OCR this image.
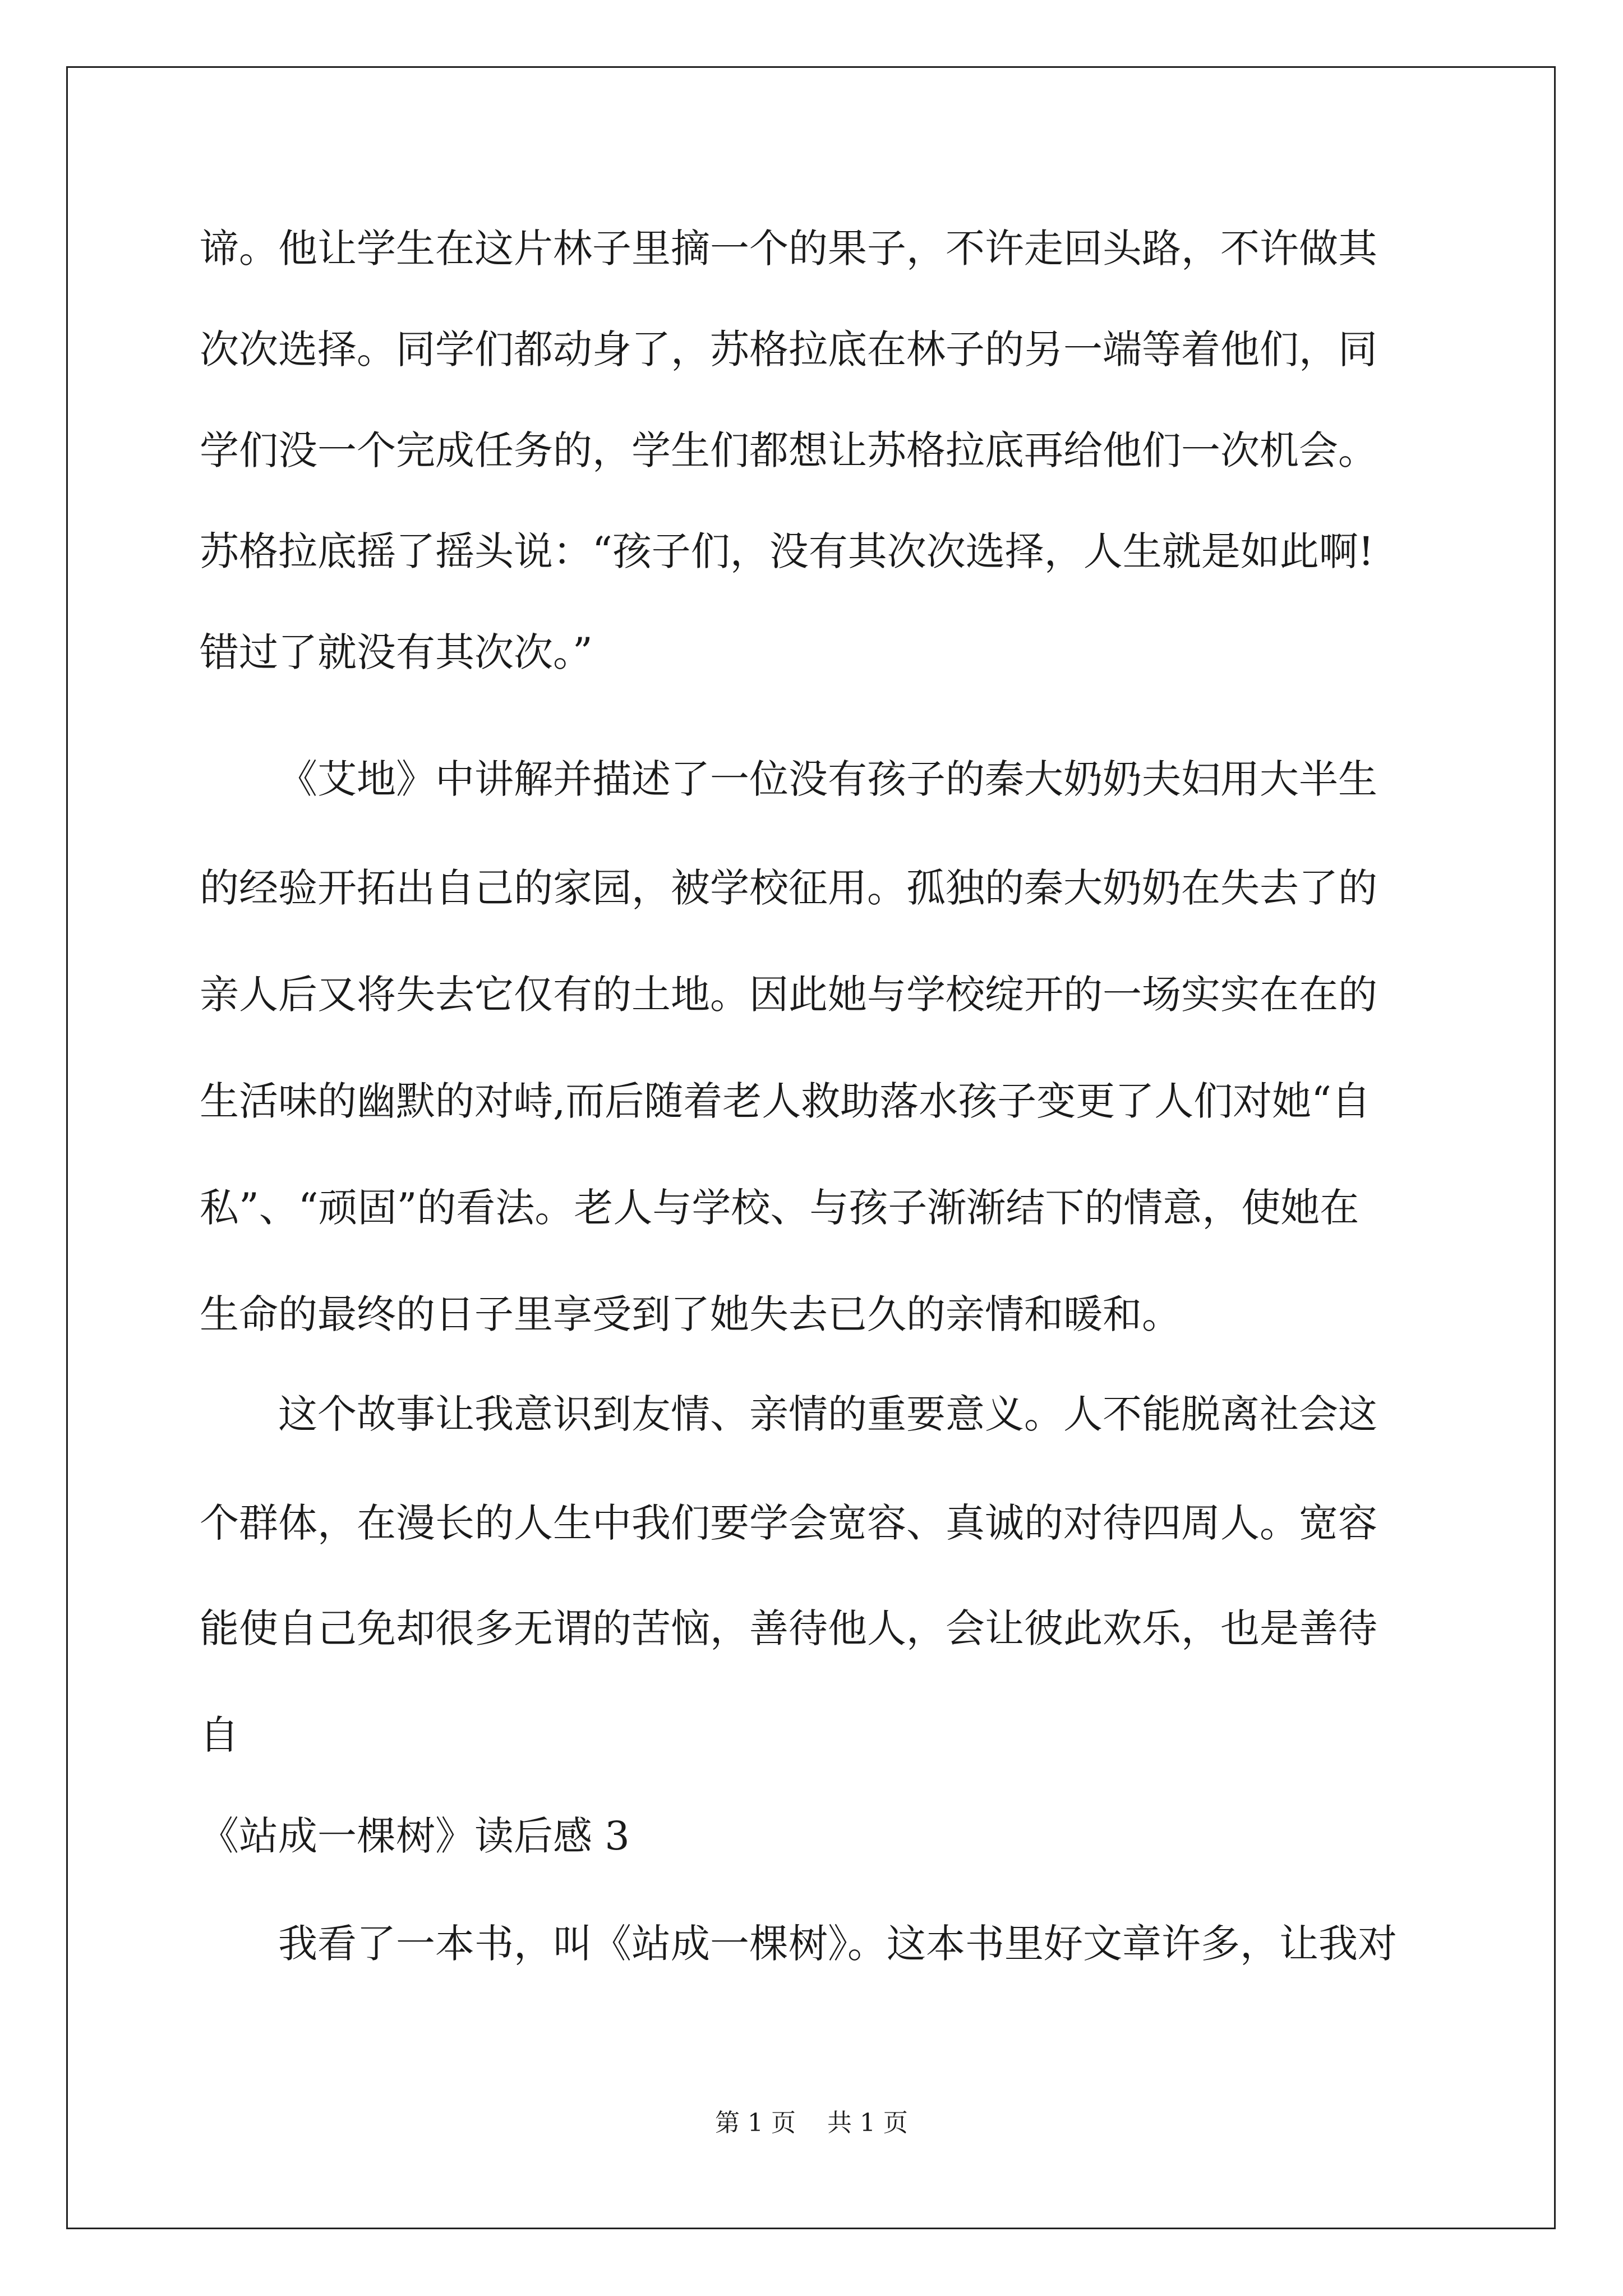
谛。他让学生在这片林子里摘一个的果子，不许走回头路，不许做其
次次选择。同学们都动身了，苏格拉底在林子的另一端等着他们，同
学们没一个完成任务的，学生们都想让苏格拉底再给他们一次机会。
苏格拉底摇了摇头说：“孩子们，没有其次次选择，人生就是如此啊!
错过了就没有其次次。”
《艾地》中讲解并描述了一位没有孩子的秦大奶奶夫妇用大半生
的经验开拓出自己的家园，被学校征用。孤独的秦大奶奶在失去了的
亲人后又将失去它仅有的土地。因此她与学校绽开的一场实实在在的
生活味的幽默的对峙,而后随着老人救助落水孩子变更了人们对她“自
私”、“顽固”的看法。老人与学校、与孩子渐渐结下的情意，使她在
生命的最终的日子里享受到了她失去已久的亲情和暖和。
这个故事让我意识到友情、亲情的重要意义。人不能脱离社会这
个群体，在漫长的人生中我们要学会宽容、真诚的对待四周人。宽容
能使自己免却很多无谓的苦恼，善待他人，会让彼此欢乐，也是善待
自
《站成一棵树》读后感 3
我看了一本书，叫《站成一棵树》。这本书里好文章许多，让我对
第 1 页 共 1 页
